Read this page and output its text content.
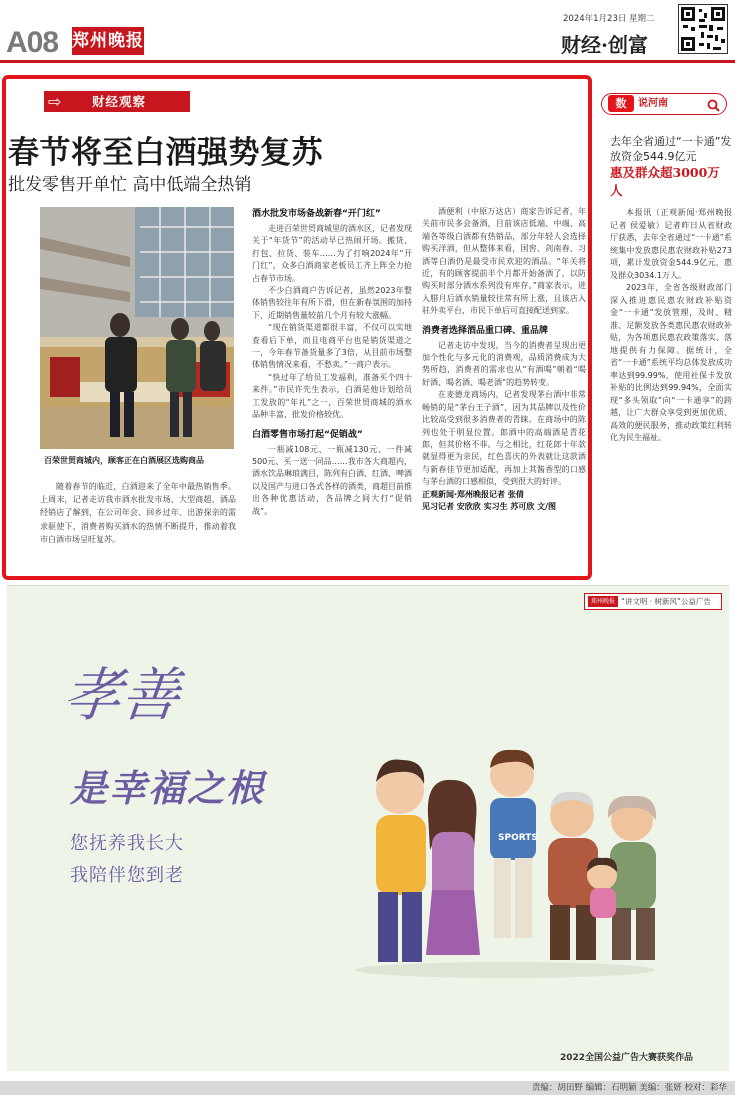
A08 郑州晚报
2024年1月23日 星期二
财经·创富
⇨ 财经观察
春节将至白酒强势复苏
批发零售开单忙 高中低端全热销
百荣世贸商城内，顾客正在白酒展区选购商品
随着春节的临近，白酒迎来了全年中最热销售季。上周末，记者走访我市酒水批发市场、大型商超、酒品经销店了解到，在公司年会、回乡过年、出游探亲的需求驱使下，消费者购买酒水的热情不断提升，推动着我市白酒市场呈旺复苏。
酒水批发市场备战新春“开门红”

走进百荣世贸商城里的酒水区，记者发现关于“年货节”的活动早已热闹开场。搬货、打包、拉货、装车……为了打响2024年“开门红”，众多白酒商家老板员工齐上阵全力抢占春节市场。

不少白酒商户告诉记者，虽然2023年整体销售较往年有所下滑，但在新春氛围的加持下，近期销售量较前几个月有较大涨幅。

“现在销货渠道都很丰富，不仅可以实地查看后下单，而且电商平台也是销货渠道之一，今年春节备货量多了3倍，从目前市场整体销售情况来看，不愁卖。”一商户表示。

“快过年了给员工发福利，准备买个四十来件。”市民许先生表示，白酒是他计划给员工发放的“年礼”之一，百荣世贸商城的酒水品种丰富，批发价格较优。

白酒零售市场打起“促销战”

一瓶减108元、一瓶减130元、一件减500元、买一送一同品……我市各大商超内，酒水饮品琳琅满目，陈列有白酒、红酒、啤酒以及国产与进口各式各样的酒类，商超目前推出各种优惠活动，各品牌之间大打“促销战”。

酒便利（中原万达店）商家告诉记者，年关前市民多会备酒，目前该店低端、中端、高端各等级白酒都有热销品，部分年轻人会选择购买洋酒，但从整体来看，国窖、剑南春、习酒等白酒仍是最受市民欢迎的酒品。“年关将近，有的顾客提前半个月都开始备酒了，以防购买时部分酒水系列没有库存。”商家表示，进入腊月后酒水销量较往常有所上涨，且该店入驻外卖平台，市民下单后可直接配送到家。

消费者选择酒品重口碑、重品牌

记者走访中发现，当今的消费者呈现出更加个性化与多元化的消费观，品质消费成为大势所趋，消费者的需求也从“有酒喝”朝着“喝好酒、喝名酒、喝老酒”的趋势转变。

在麦德龙商场内，记者发现茅台酒中非常畅销的是“茅台王子酒”，因为其品牌以及性价比较高受到很多消费者的青睐。在商场中的陈列也处于明显位置。郎酒中的高端酒是青花郎，但其价格不菲。与之相比，红花郎十年款就显得更为亲民，红色喜庆的外表就让这款酒与新春佳节更加适配，再加上其酱香型的口感与茅台酒的口感相似，受到很大的好评。

正观新闻·郑州晚报记者 张倩
见习记者 安欣欣 实习生 苏可欣 文/图
数	说河南
去年全省通过“一卡通”发放资金544.9亿元
惠及群众超3000万人

本报讯（正观新闻·郑州晚报记者 侯爱敏）记者昨日从省财政厅获悉，去年全省通过“一卡通”系统集中发放惠民惠农财政补贴273项，累计发放资金544.9亿元，惠及群众3034.1万人。

2023年，全省各级财政部门深入推进惠民惠农财政补贴资金“一卡通”发放管理，及时、精准、足额发放各类惠民惠农财政补贴，为各项惠民惠农政策落实、落地提供有力保障。据统计，全省“一卡通”系统平均总体发放成功率达到99.99%，使用社保卡发放补贴的比例达到99.94%，全面实现“多头领取”向“一卡通享”的跨越，让广大群众享受到更加优质、高效的便民服务，推动政策红利转化为民生福祉。

郑州晚报 “讲文明 · 树新风”公益广告
孝善
是幸福之根
您抚养我长大
我陪伴您到老
SPORTS
2022全国公益广告大赛获奖作品
责编：胡田野 编辑：石明颖 美编：张妍 校对：彩华
